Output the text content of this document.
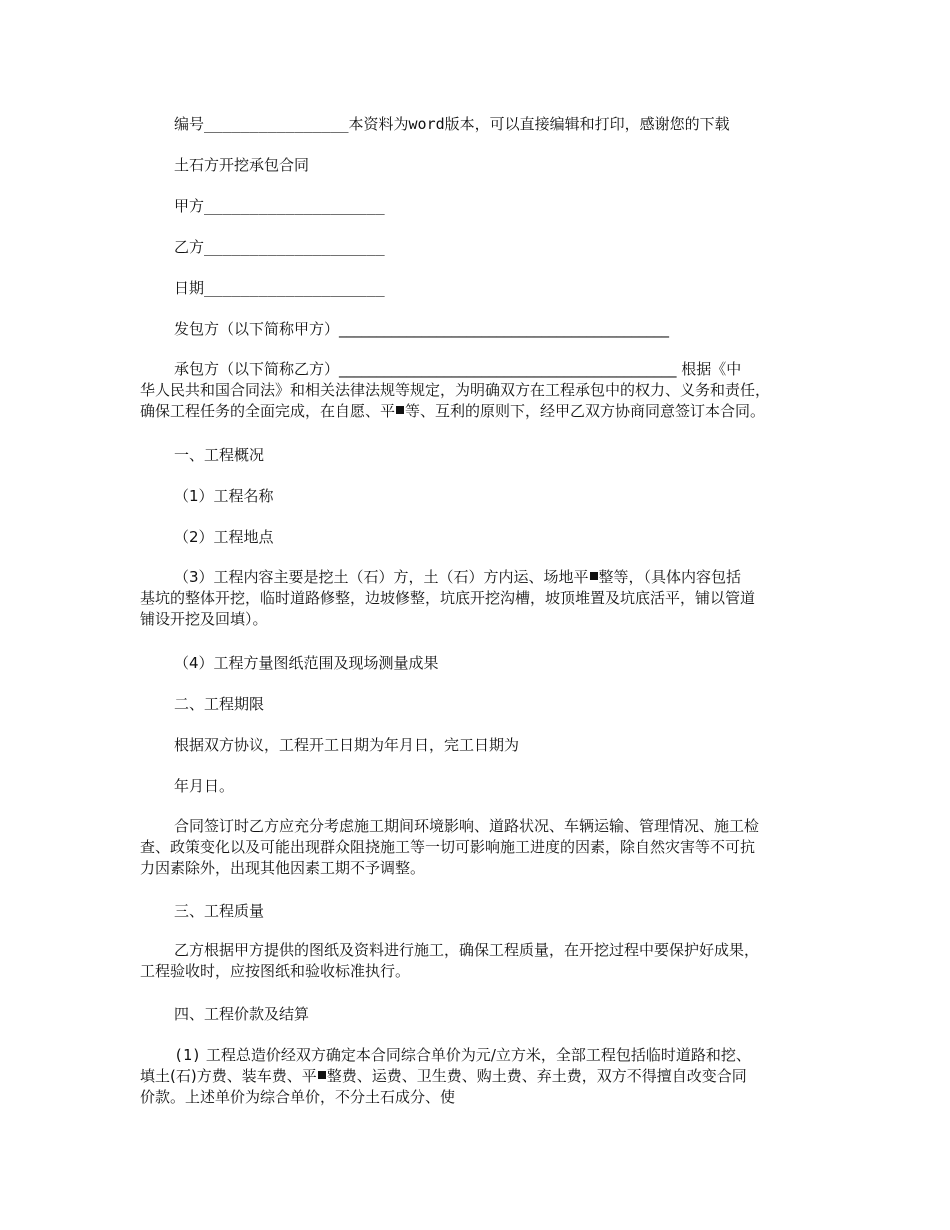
编号________________本资料为word版本，可以直接编辑和打印，感谢您的下载
土石方开挖承包合同
甲方____________________
乙方____________________
日期____________________
发包方（以下简称甲方）____________________________________________
承包方（以下简称乙方）_____________________________________________ 根据《中
华人民共和国合同法》和相关法律法规等规定，为明确双方在工程承包中的权力、义务和责任，
确保工程任务的全面完成，在自愿、平 等、互利的原则下，经甲乙双方协商同意签订本合同。
一、工程概况
（1）工程名称
（2）工程地点
（3）工程内容主要是挖土（石）方，土（石）方内运、场地平 整等，（具体内容包括
基坑的整体开挖，临时道路修整，边坡修整，坑底开挖沟槽，坡顶堆置及坑底活平，铺以管道
铺设开挖及回填）。
（4）工程方量图纸范围及现场测量成果
二、工程期限
根据双方协议，工程开工日期为年月日，完工日期为
年月日。
合同签订时乙方应充分考虑施工期间环境影响、道路状况、车辆运输、管理情况、施工检
查、政策变化以及可能出现群众阻挠施工等一切可影响施工进度的因素，除自然灾害等不可抗
力因素除外，出现其他因素工期不予调整。
三、工程质量
乙方根据甲方提供的图纸及资料进行施工，确保工程质量，在开挖过程中要保护好成果，
工程验收时，应按图纸和验收标准执行。
四、工程价款及结算
(1) 工程总造价经双方确定本合同综合单价为元/立方米，全部工程包括临时道路和挖、
填土(石)方费、装车费、平 整费、运费、卫生费、购土费、弃土费，双方不得擅自改变合同
价款。上述单价为综合单价，不分土石成分、使
